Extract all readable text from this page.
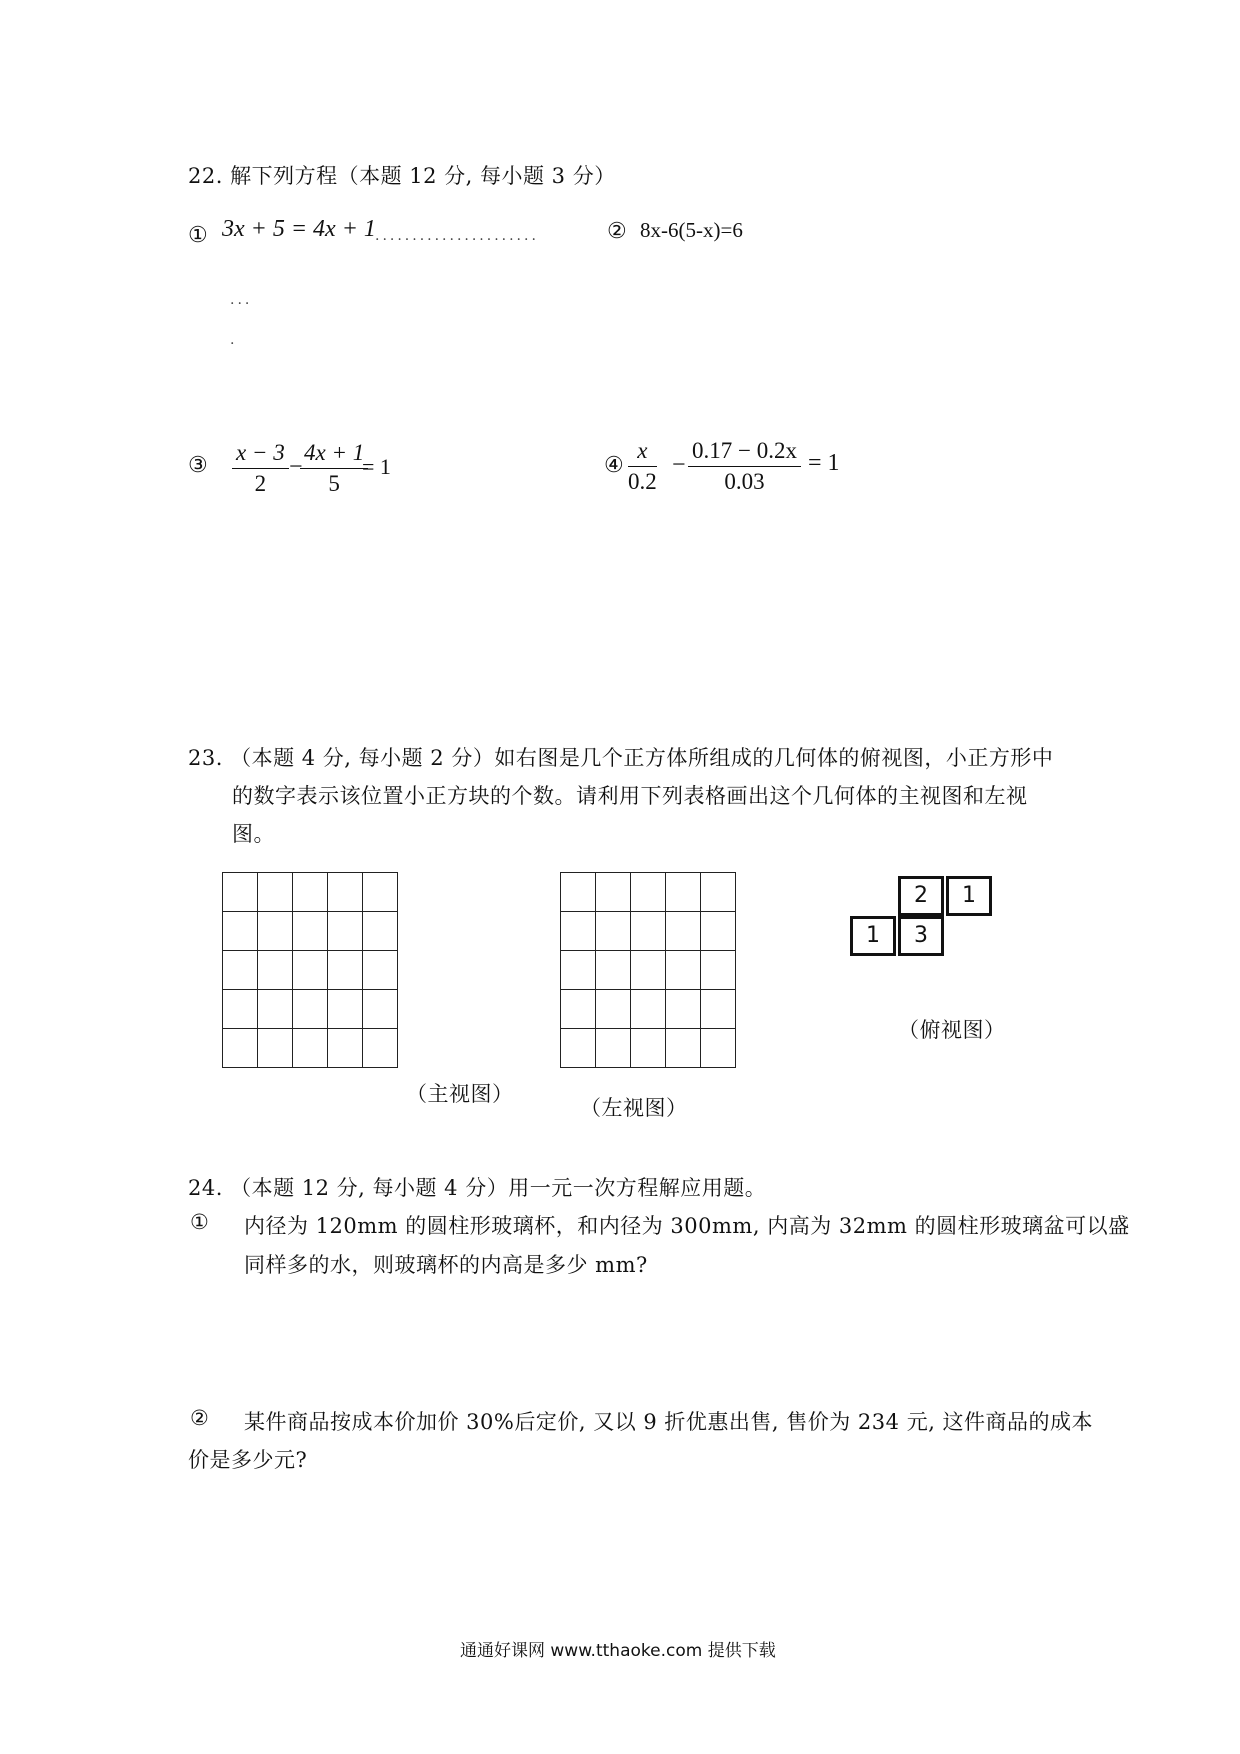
22. 解下列方程（本题 12 分, 每小题 3 分）
① 3x + 5 = 4x + 1 ......................	② 8x-6(5-x)=6
...
.
③ $\frac{x - 3}{2}$ −
$\frac{4x + 1}{5}$
= 1	④ $\frac{x}{0.2} - \frac{0.17 - 0.2x}{0.03} = 1$
23. （本题 4 分, 每小题 2 分）如右图是几个正方体所组成的几何体的俯视图，小正方形中
的数字表示该位置小正方块的个数。请利用下列表格画出这个几何体的主视图和左视
图。

（主视图）

（左视图）
2	1
1	3
（俯视图）
24. （本题 12 分, 每小题 4 分）用一元一次方程解应用题。
① 内径为 120mm 的圆柱形玻璃杯，和内径为 300mm, 内高为 32mm 的圆柱形玻璃盆可以盛
同样多的水，则玻璃杯的内高是多少 mm?
② 某件商品按成本价加价 30%后定价, 又以 9 折优惠出售, 售价为 234 元, 这件商品的成本
价是多少元?
通通好课网 www.tthaoke.com 提供下载
